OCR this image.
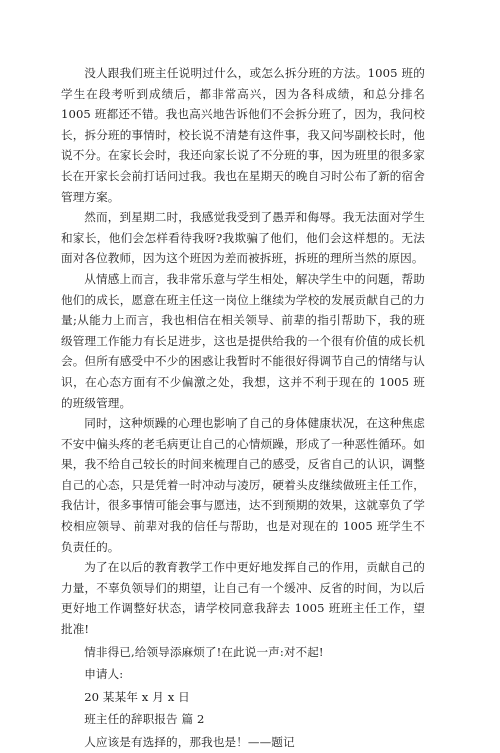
没人跟我们班主任说明过什么，或怎么拆分班的方法。1005 班的学生在段考听到成绩后，都非常高兴，因为各科成绩，和总分排名 1005 班都还不错。我也高兴地告诉他们不会拆分班了，因为，我问校长，拆分班的事情时，校长说不清楚有这件事，我又问岑副校长时，他说不分。在家长会时，我还向家长说了不分班的事，因为班里的很多家长在开家长会前打话问过我。我也在星期天的晚自习时公布了新的宿舍管理方案。

然而，到星期二时，我感觉我受到了愚弄和侮辱。我无法面对学生和家长，他们会怎样看待我呀?我欺骗了他们，他们会这样想的。无法面对各位教师，因为这个班因为差而被拆班，拆班的理所当然的原因。

从情感上而言，我非常乐意与学生相处，解决学生中的问题，帮助他们的成长，愿意在班主任这一岗位上继续为学校的发展贡献自己的力量;从能力上而言，我也相信在相关领导、前辈的指引帮助下，我的班级管理工作能力有长足进步，这也是提供给我的一个很有价值的成长机会。但所有感受中不少的困惑让我暂时不能很好得调节自己的情绪与认识，在心态方面有不少偏激之处，我想，这并不利于现在的 1005 班的班级管理。

同时，这种烦躁的心理也影响了自己的身体健康状况，在这种焦虑不安中偏头疼的老毛病更让自己的心情烦躁，形成了一种恶性循环。如果，我不给自己较长的时间来梳理自己的感受，反省自己的认识，调整自己的心态，只是凭着一时冲动与凌厉，硬着头皮继续做班主任工作，我估计，很多事情可能会事与愿违，达不到预期的效果，这就辜负了学校相应领导、前辈对我的信任与帮助，也是对现在的 1005 班学生不负责任的。

为了在以后的教育教学工作中更好地发挥自己的作用，贡献自己的力量，不辜负领导们的期望，让自己有一个缓冲、反省的时间，为以后更好地工作调整好状态，请学校同意我辞去 1005 班班主任工作，望批准!

情非得已,给领导添麻烦了!在此说一声:对不起!

申请人:

20 某某年 x 月 x 日

班主任的辞职报告 篇 2

人应该是有选择的，那我也是！——题记
